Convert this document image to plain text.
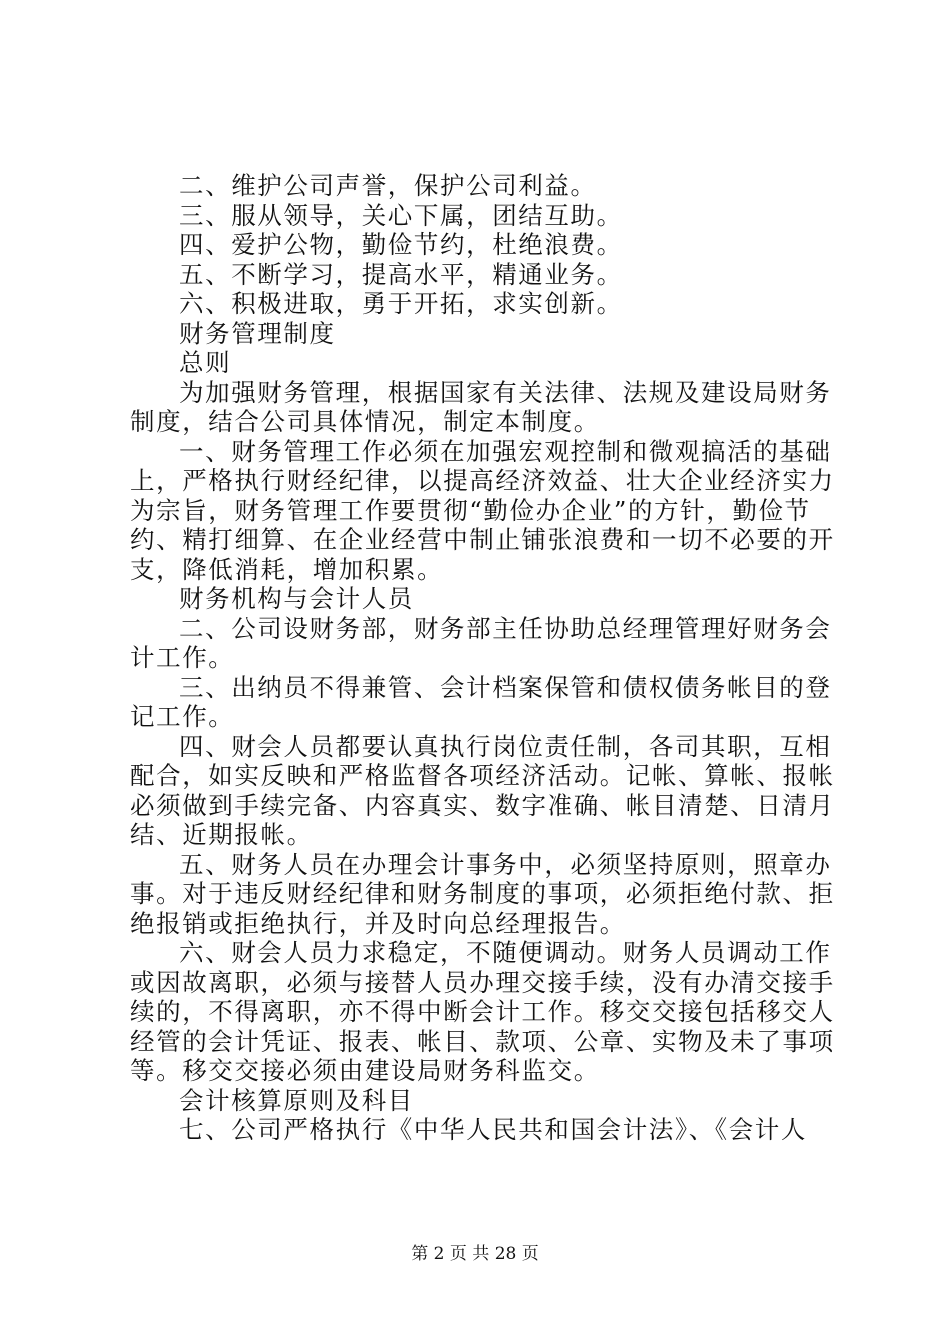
二、维护公司声誉，保护公司利益。
三、服从领导，关心下属，团结互助。
四、爱护公物，勤俭节约，杜绝浪费。
五、不断学习，提高水平，精通业务。
六、积极进取，勇于开拓，求实创新。
财务管理制度
总则
为加强财务管理，根据国家有关法律、法规及建设局财务
制度，结合公司具体情况，制定本制度。
一、财务管理工作必须在加强宏观控制和微观搞活的基础
上，严格执行财经纪律，以提高经济效益、壮大企业经济实力
为宗旨，财务管理工作要贯彻“勤俭办企业”的方针，勤俭节
约、精打细算、在企业经营中制止铺张浪费和一切不必要的开
支，降低消耗，增加积累。
财务机构与会计人员
二、公司设财务部，财务部主任协助总经理管理好财务会
计工作。
三、出纳员不得兼管、会计档案保管和债权债务帐目的登
记工作。
四、财会人员都要认真执行岗位责任制，各司其职，互相
配合，如实反映和严格监督各项经济活动。记帐、算帐、报帐
必须做到手续完备、内容真实、数字准确、帐目清楚、日清月
结、近期报帐。
五、财务人员在办理会计事务中，必须坚持原则，照章办
事。对于违反财经纪律和财务制度的事项，必须拒绝付款、拒
绝报销或拒绝执行，并及时向总经理报告。
六、财会人员力求稳定，不随便调动。财务人员调动工作
或因故离职，必须与接替人员办理交接手续，没有办清交接手
续的，不得离职，亦不得中断会计工作。移交交接包括移交人
经管的会计凭证、报表、帐目、款项、公章、实物及未了事项
等。移交交接必须由建设局财务科监交。
会计核算原则及科目
七、公司严格执行《中华人民共和国会计法》、《会计人
第 2 页 共 28 页
